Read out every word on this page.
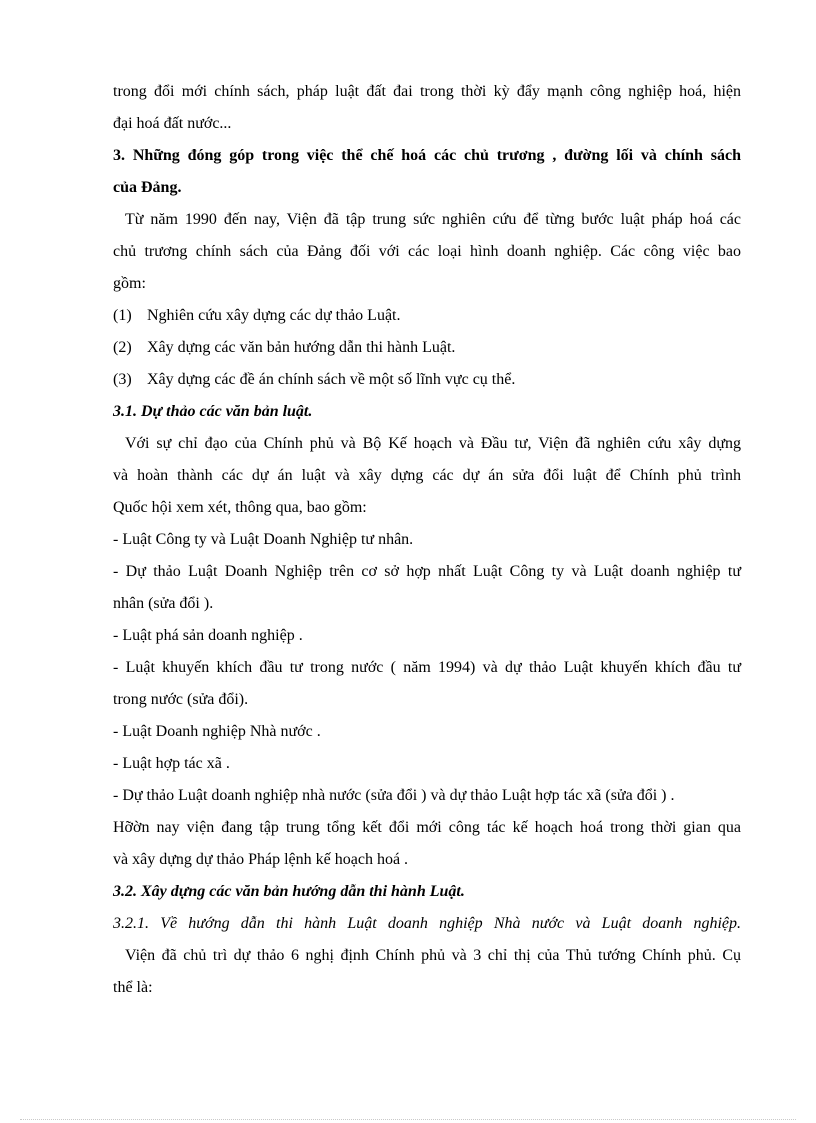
trong đổi mới chính sách, pháp luật đất đai trong thời kỳ đẩy mạnh công nghiệp hoá, hiện
đại hoá đất nước...
3. Những đóng góp trong việc thể chế hoá các chủ trương , đường lối và chính sách
của Đảng.
Từ năm 1990 đến nay, Viện đã tập trung sức nghiên cứu để từng bước luật pháp hoá các
chủ trương chính sách của Đảng đối với các loại hình doanh nghiệp. Các công việc bao
gồm:
(1) Nghiên cứu xây dựng các dự thảo Luật.
(2) Xây dựng các văn bản hướng dẫn thi hành Luật.
(3) Xây dựng các đề án chính sách về một số lĩnh vực cụ thể.
3.1. Dự thảo các văn bản luật.
Với sự chỉ đạo của Chính phủ và Bộ Kế hoạch và Đầu tư, Viện đã nghiên cứu xây dựng
và hoàn thành các dự án luật và xây dựng các dự án sửa đổi luật để Chính phủ trình
Quốc hội xem xét, thông qua, bao gồm:
- Luật Công ty và Luật Doanh Nghiệp tư nhân.
- Dự thảo Luật Doanh Nghiệp trên cơ sở hợp nhất Luật Công ty và Luật doanh nghiệp tư
nhân (sửa đổi ).
- Luật phá sản doanh nghiệp .
- Luật khuyến khích đầu tư trong nước ( năm 1994) và dự thảo Luật khuyến khích đầu tư
trong nước (sửa đổi).
- Luật Doanh nghiệp Nhà nước .
- Luật hợp tác xã .
- Dự thảo Luật doanh nghiệp nhà nước (sửa đổi ) và dự thảo Luật hợp tác xã (sửa đổi ) .
Hỡờn nay viện đang tập trung tổng kết đổi mới công tác kế hoạch hoá trong thời gian qua
và xây dựng dự thảo Pháp lệnh kế hoạch hoá .
3.2. Xây dựng các văn bản hướng dẫn thi hành Luật.
3.2.1. Về hướng dẫn thi hành Luật doanh nghiệp Nhà nước và Luật doanh nghiệp.
Viện đã chủ trì dự thảo 6 nghị định Chính phủ và 3 chỉ thị của Thủ tướng Chính phủ. Cụ
thể là:
